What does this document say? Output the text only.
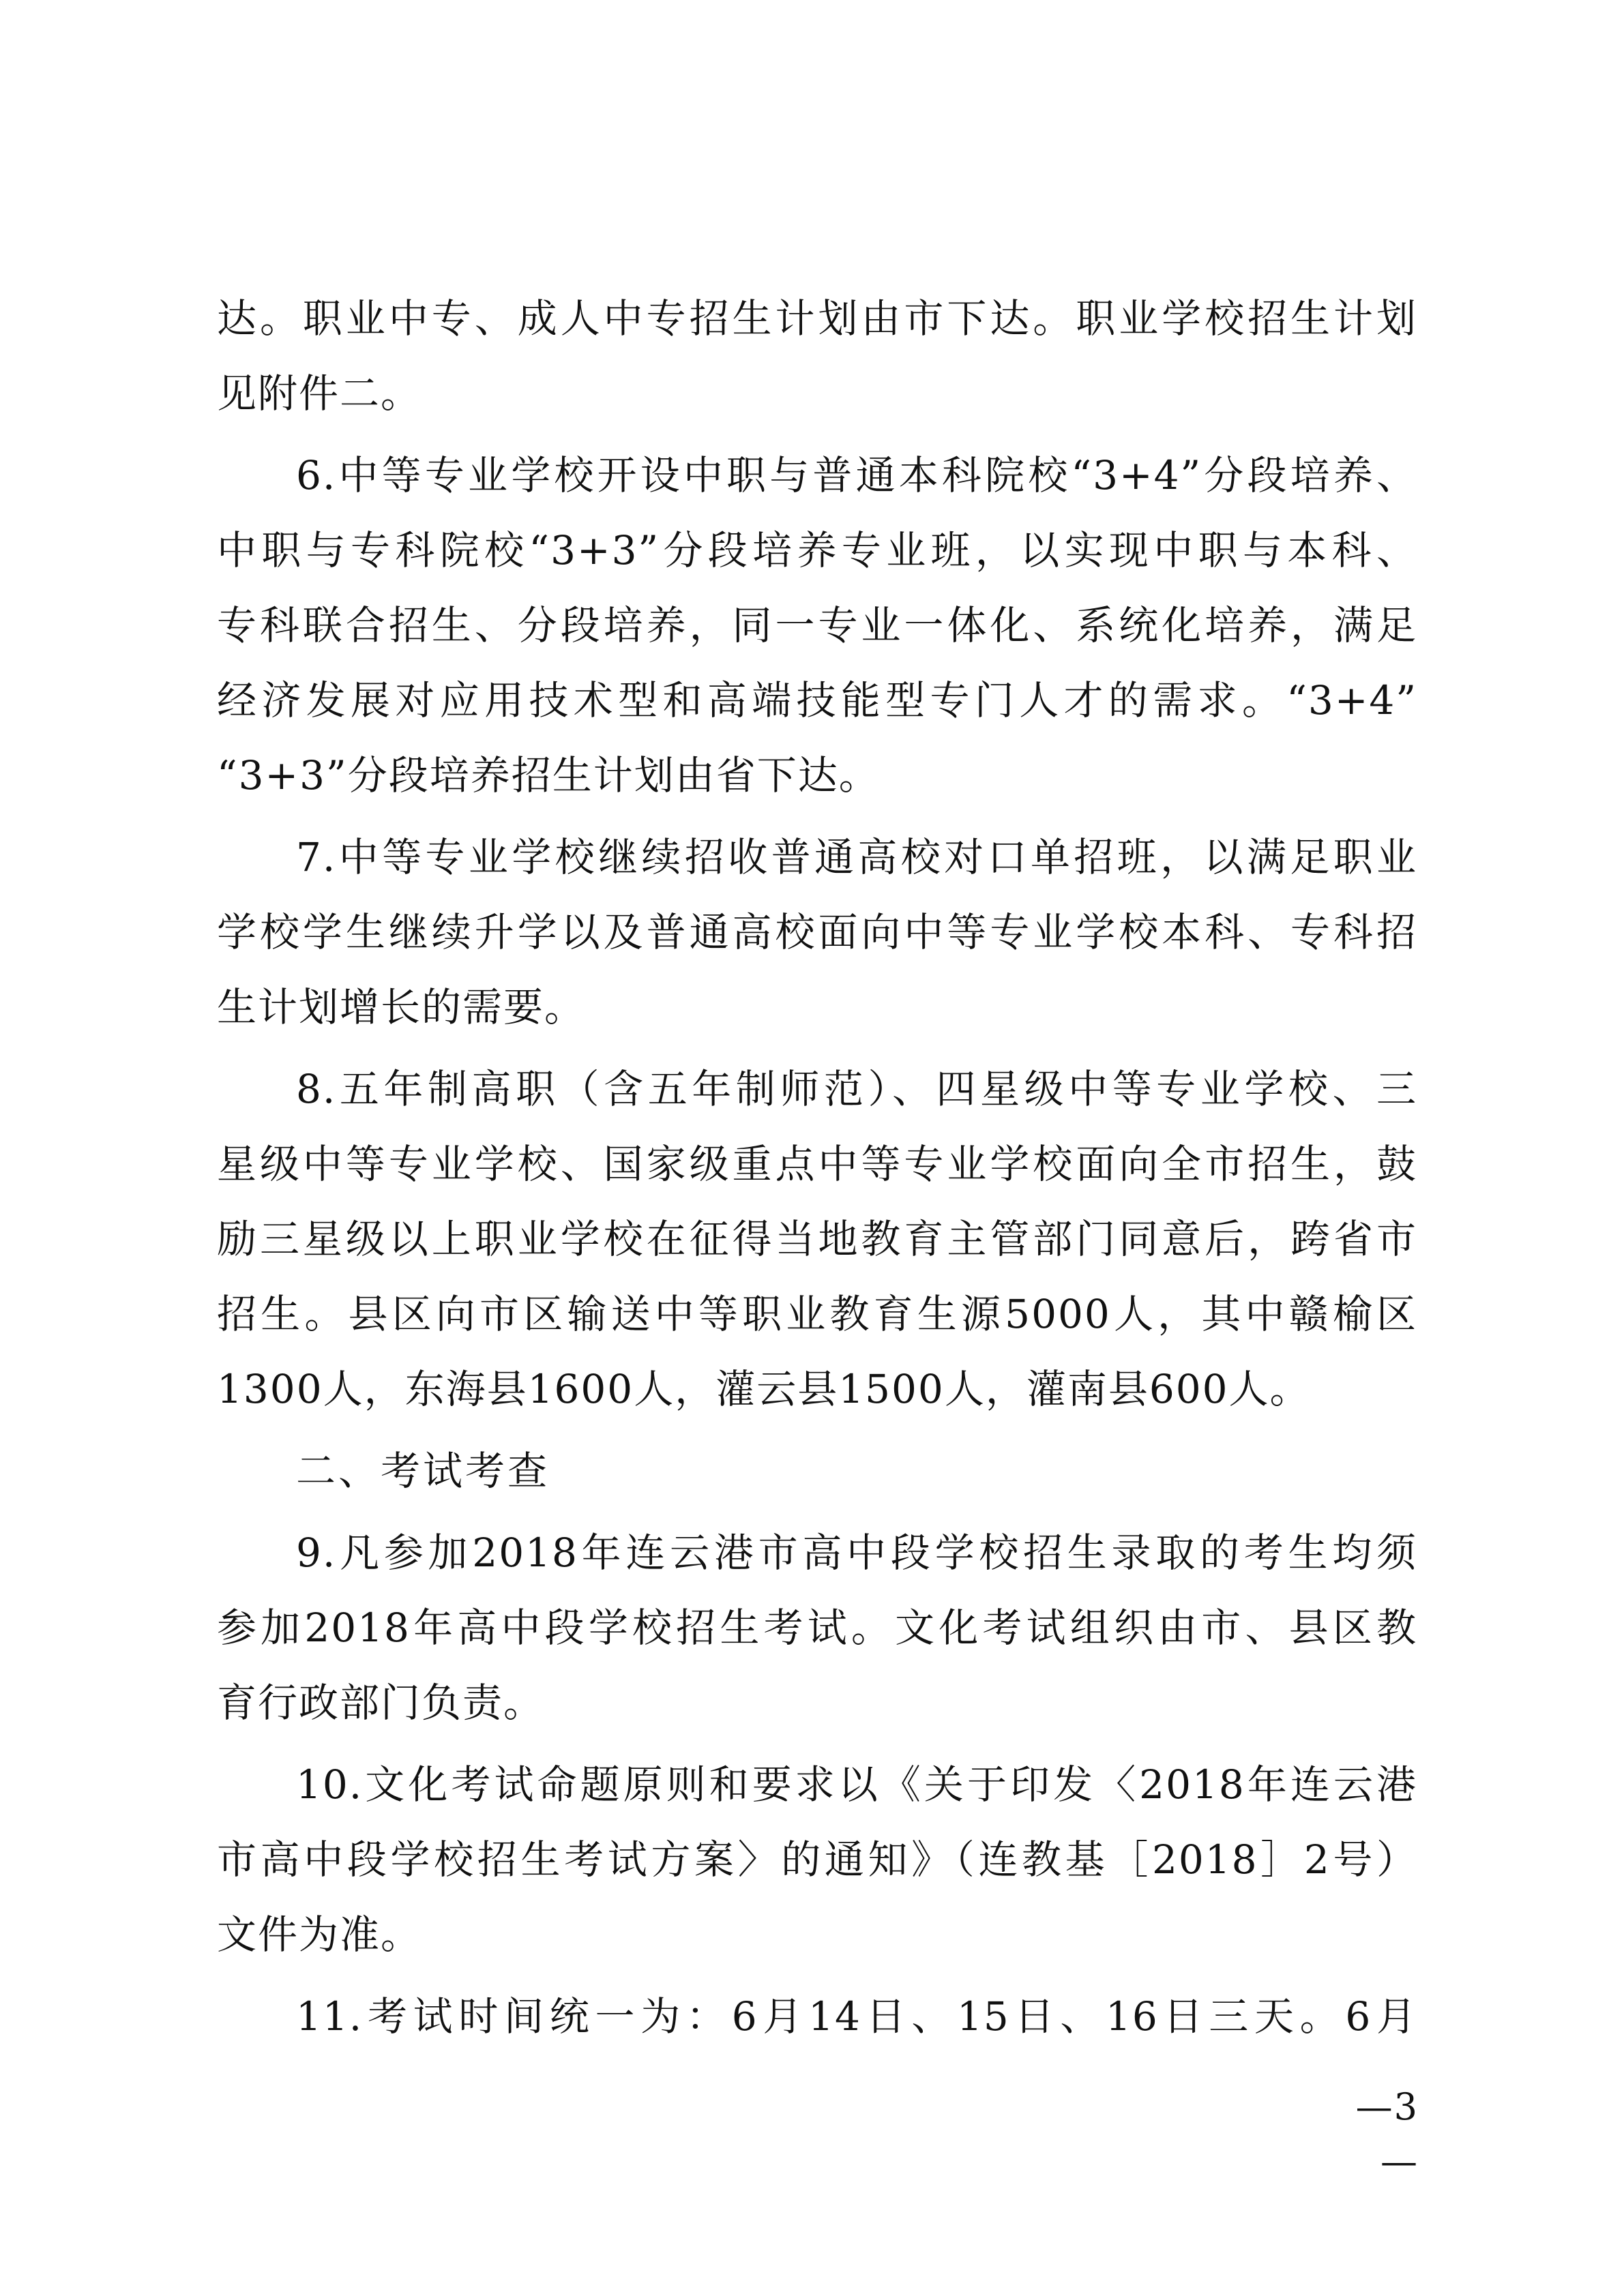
达。职业中专、成人中专招生计划由市下达。职业学校招生计划
见附件二。
6.中等专业学校开设中职与普通本科院校“3+4”分段培养、
中职与专科院校“3+3”分段培养专业班，以实现中职与本科、
专科联合招生、分段培养，同一专业一体化、系统化培养，满足
经济发展对应用技术型和高端技能型专门人才的需求。“3+4”
“3+3”分段培养招生计划由省下达。
7.中等专业学校继续招收普通高校对口单招班，以满足职业
学校学生继续升学以及普通高校面向中等专业学校本科、专科招
生计划增长的需要。
8.五年制高职（含五年制师范）、四星级中等专业学校、三
星级中等专业学校、国家级重点中等专业学校面向全市招生，鼓
励三星级以上职业学校在征得当地教育主管部门同意后，跨省市
招生。县区向市区输送中等职业教育生源5000人，其中赣榆区
1300人，东海县1600人，灌云县1500人，灌南县600人。
二、考试考查
9.凡参加2018年连云港市高中段学校招生录取的考生均须
参加2018年高中段学校招生考试。文化考试组织由市、县区教
育行政部门负责。
10.文化考试命题原则和要求以《关于印发〈2018年连云港
市高中段学校招生考试方案〉的通知》（连教基［2018］2号）
文件为准。
11.考试时间统一为：6月14日、15日、16日三天。6月
—3—
